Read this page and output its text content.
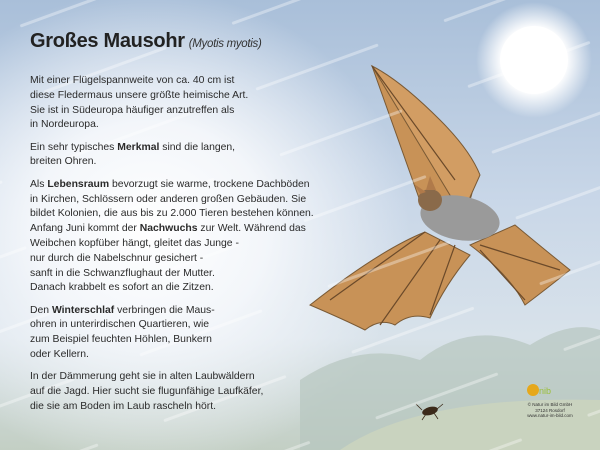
Großes Mausohr (Myotis myotis)
Mit einer Flügelspannweite von ca. 40 cm ist
diese Fledermaus unsere größte heimische Art.
Sie ist in Südeuropa häufiger anzutreffen als
in Nordeuropa.
Ein sehr typisches Merkmal sind die langen,
breiten Ohren.
Als Lebensraum bevorzugt sie warme, trockene Dachböden
in Kirchen, Schlössern oder anderen großen Gebäuden. Sie
bildet Kolonien, die aus bis zu 2.000 Tieren bestehen können.
Anfang Juni kommt der Nachwuchs zur Welt. Während das
Weibchen kopfüber hängt, gleitet das Junge -
nur durch die Nabelschnur gesichert -
sanft in die Schwanzflughaut der Mutter.
Danach krabbelt es sofort an die Zitzen.
Den Winterschlaf verbringen die Maus-
ohren in unterirdischen Quartieren, wie
zum Beispiel feuchten Höhlen, Bunkern
oder Kellern.
In der Dämmerung geht sie in alten Laubwäldern
auf die Jagd. Hier sucht sie flugunfähige Laufkäfer,
die sie am Boden im Laub rascheln hört.
nib
© Natur im Bild GmbH
37124 Rosdorf
www.natur-im-bild.com
